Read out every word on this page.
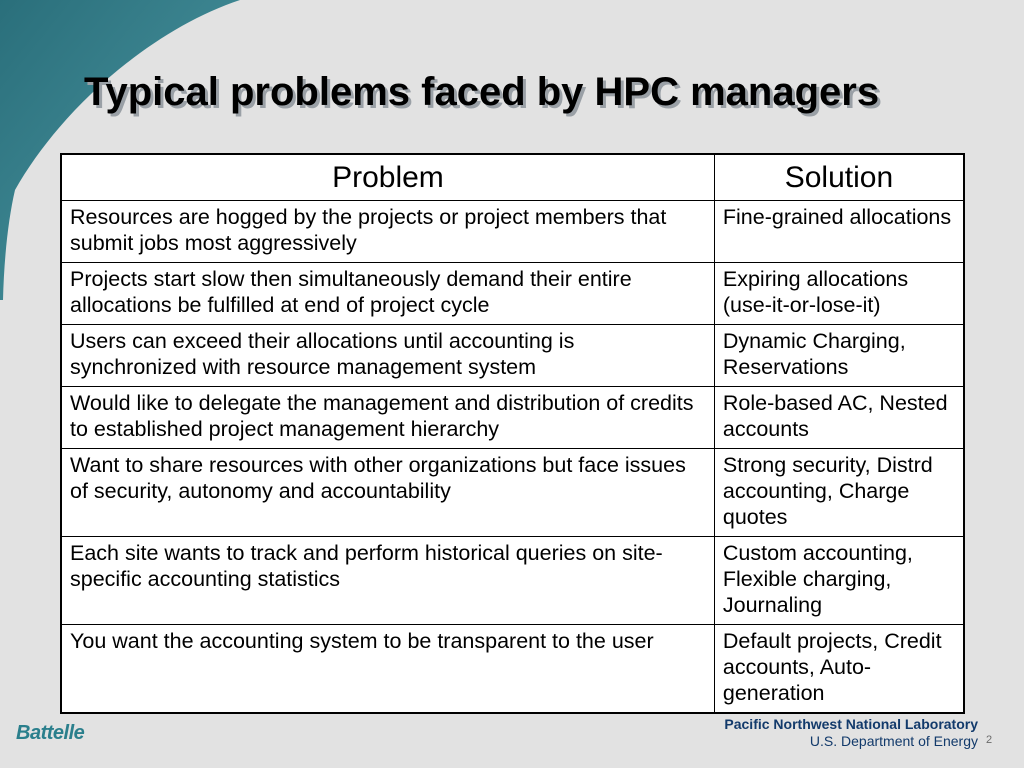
Typical problems faced by HPC managers
Problem	Solution
Resources are hogged by the projects or project members that submit jobs most aggressively	Fine-grained allocations
Projects start slow then simultaneously demand their entire allocations be fulfilled at end of project cycle	Expiring allocations (use-it-or-lose-it)
Users can exceed their allocations until accounting is synchronized with resource management system	Dynamic Charging, Reservations
Would like to delegate the management and distribution of credits to established project management hierarchy	Role-based AC, Nested accounts
Want to share resources with other organizations but face issues of security, autonomy and accountability	Strong security, Distrd accounting, Charge quotes
Each site wants to track and perform historical queries on site-specific accounting statistics	Custom accounting, Flexible charging, Journaling
You want the accounting system to be transparent to the user	Default projects, Credit accounts, Auto-generation
Battelle	Pacific Northwest National Laboratory
U.S. Department of Energy 2
